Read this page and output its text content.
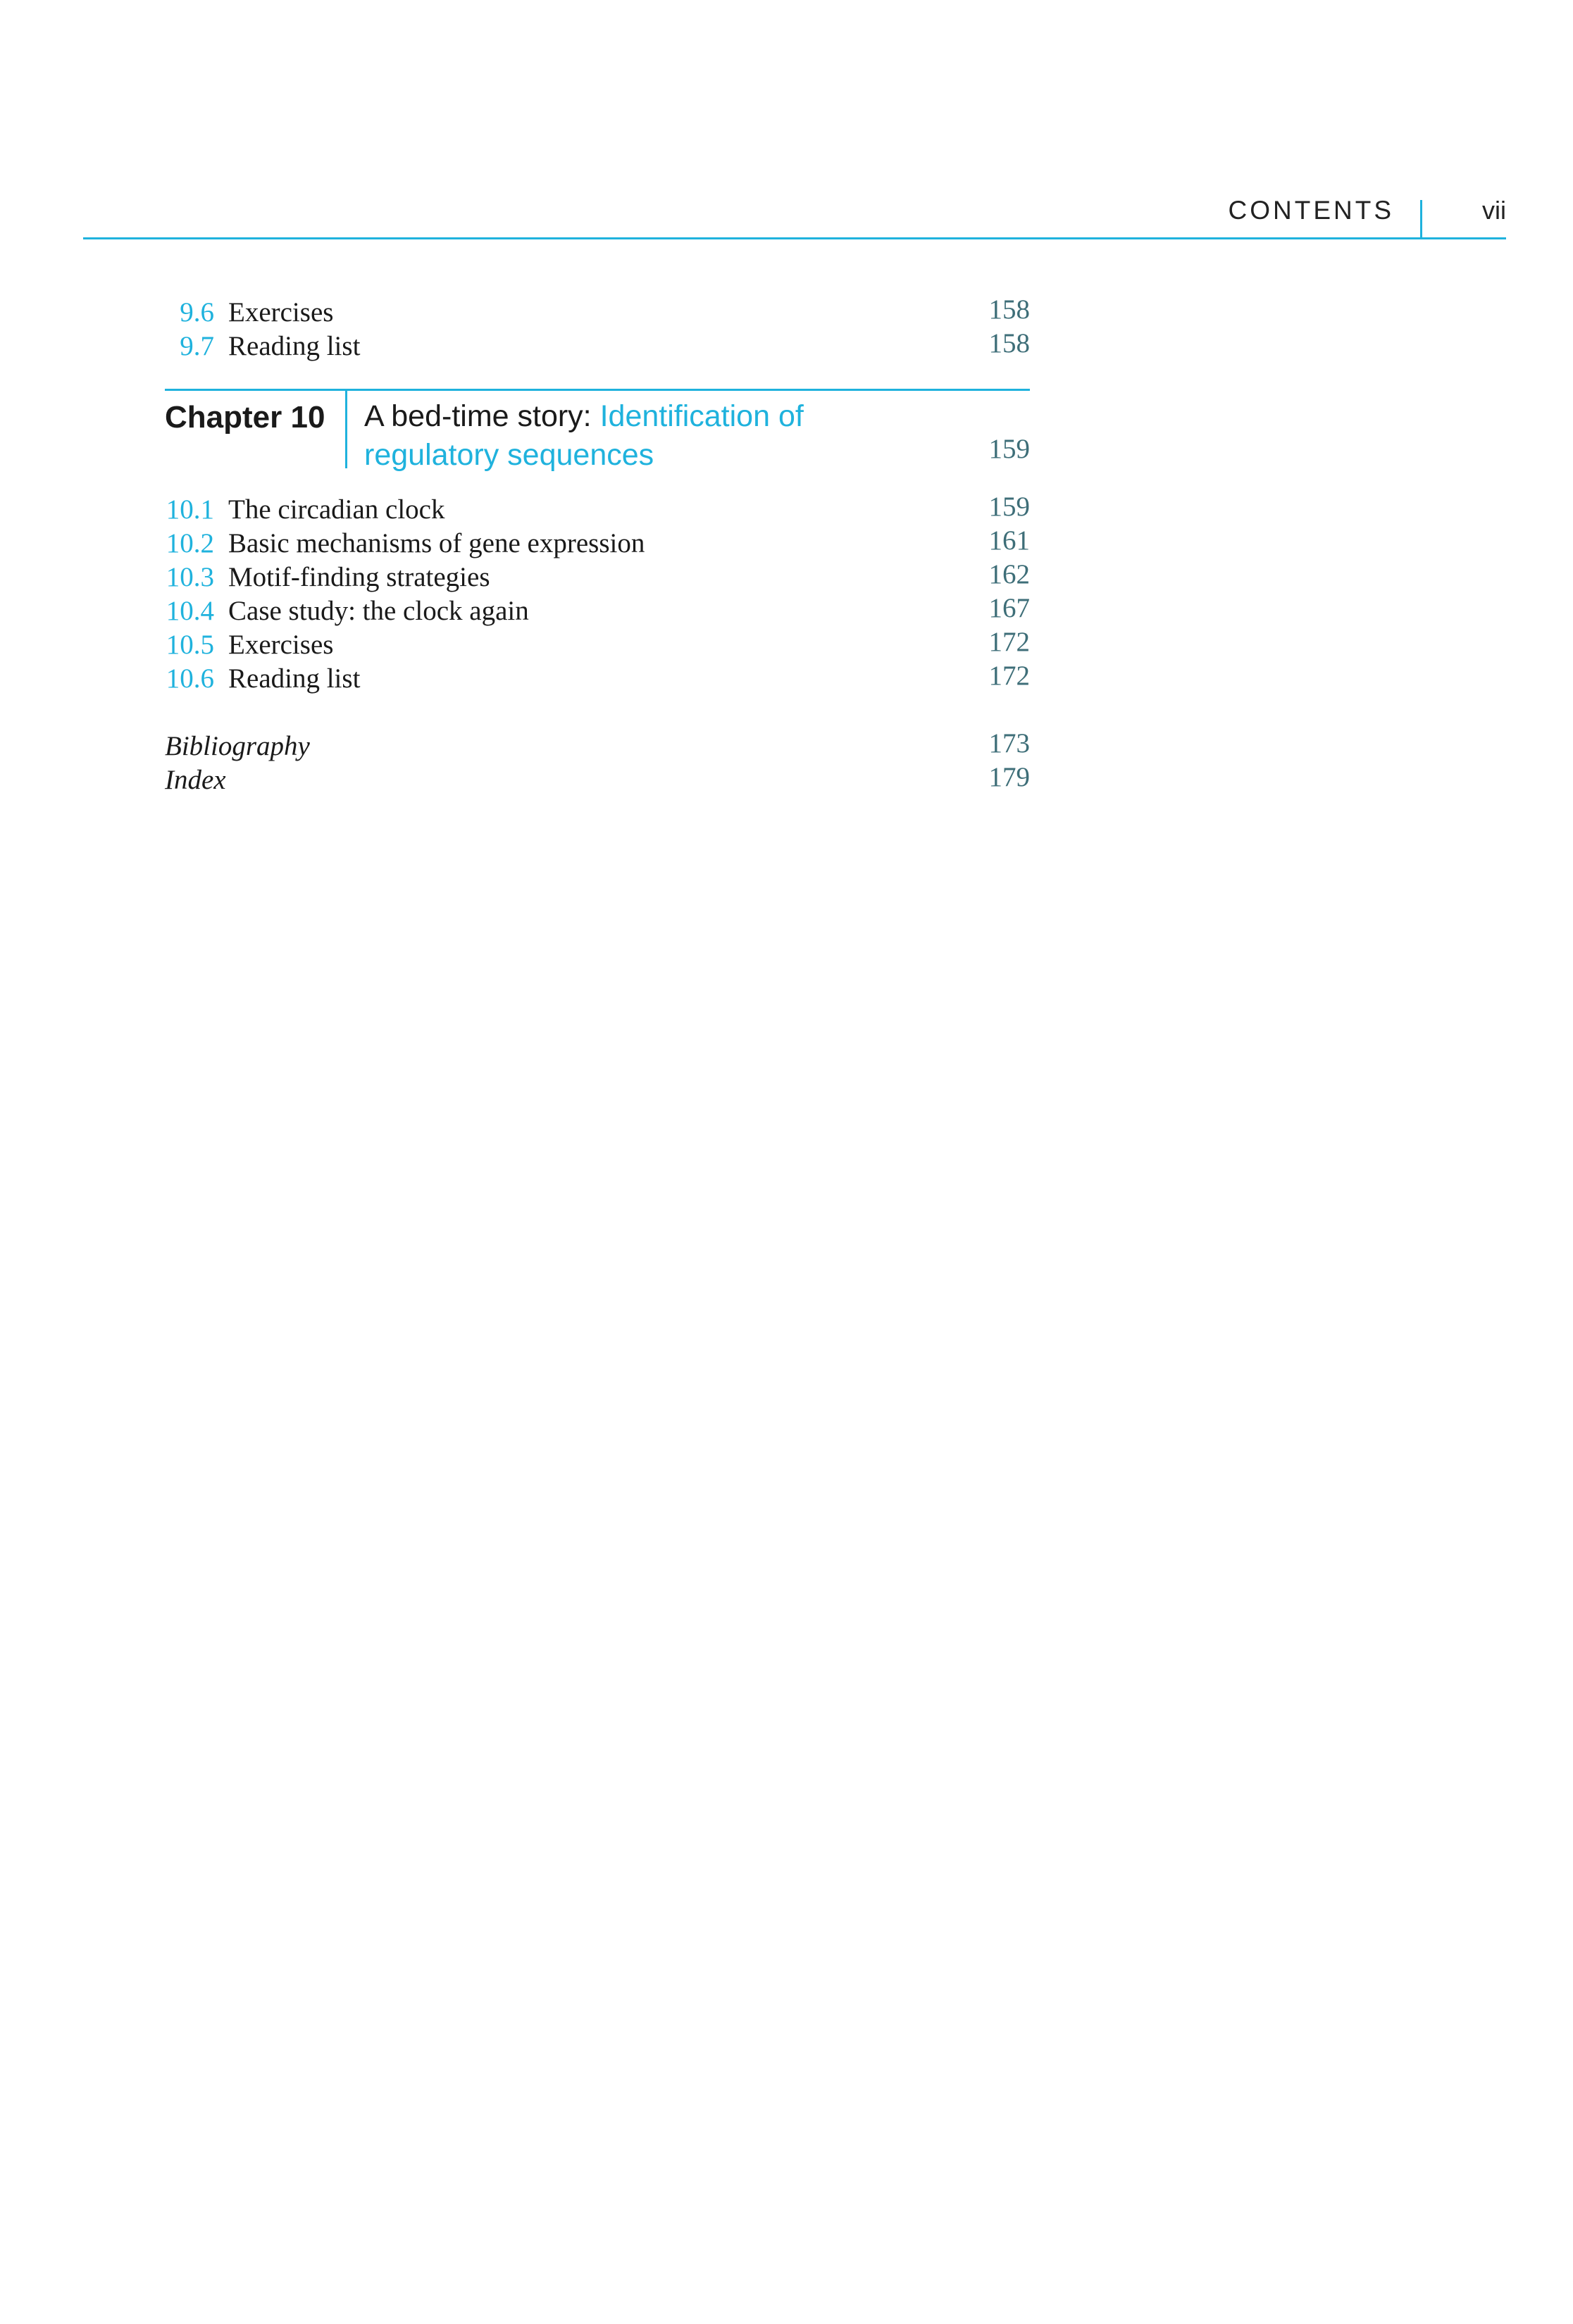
CONTENTS	vii
9.6 Exercises	158
9.7 Reading list	158
Chapter 10 A bed-time story: Identification of regulatory sequences	159
10.1 The circadian clock	159
10.2 Basic mechanisms of gene expression	161
10.3 Motif-finding strategies	162
10.4 Case study: the clock again	167
10.5 Exercises	172
10.6 Reading list	172
Bibliography	173
Index	179
